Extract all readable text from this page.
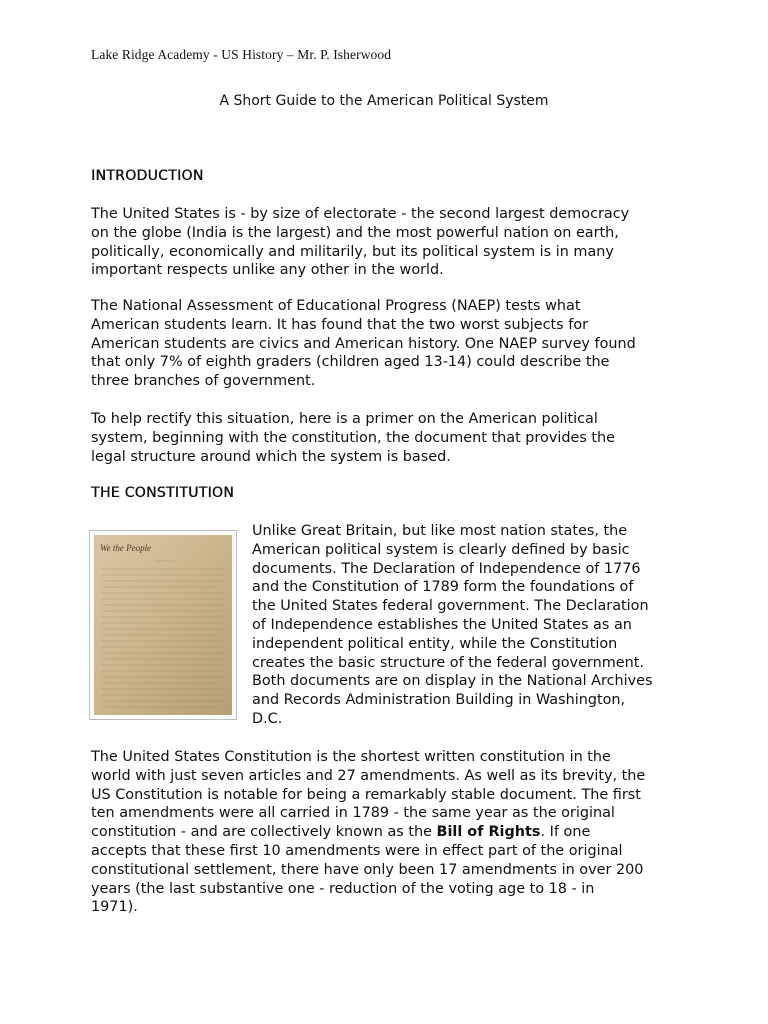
Lake Ridge Academy - US History – Mr. P. Isherwood
A Short Guide to the American Political System
INTRODUCTION

The United States is - by size of electorate - the second largest democracy
on the globe (India is the largest) and the most powerful nation on earth,
politically, economically and militarily, but its political system is in many
important respects unlike any other in the world.

The National Assessment of Educational Progress (NAEP) tests what
American students learn. It has found that the two worst subjects for
American students are civics and American history. One NAEP survey found
that only 7% of eighth graders (children aged 13-14) could describe the
three branches of government.

To help rectify this situation, here is a primer on the American political
system, beginning with the constitution, the document that provides the
legal structure around which the system is based.

THE CONSTITUTION
We the People

Unlike Great Britain, but like most nation states, the
American political system is clearly defined by basic
documents. The Declaration of Independence of 1776
and the Constitution of 1789 form the foundations of
the United States federal government. The Declaration
of Independence establishes the United States as an
independent political entity, while the Constitution
creates the basic structure of the federal government.
Both documents are on display in the National Archives
and Records Administration Building in Washington,
D.C.

The United States Constitution is the shortest written constitution in the
world with just seven articles and 27 amendments. As well as its brevity, the
US Constitution is notable for being a remarkably stable document. The first
ten amendments were all carried in 1789 - the same year as the original
constitution - and are collectively known as the Bill of Rights. If one
accepts that these first 10 amendments were in effect part of the original
constitutional settlement, there have only been 17 amendments in over 200
years (the last substantive one - reduction of the voting age to 18 - in
1971).
